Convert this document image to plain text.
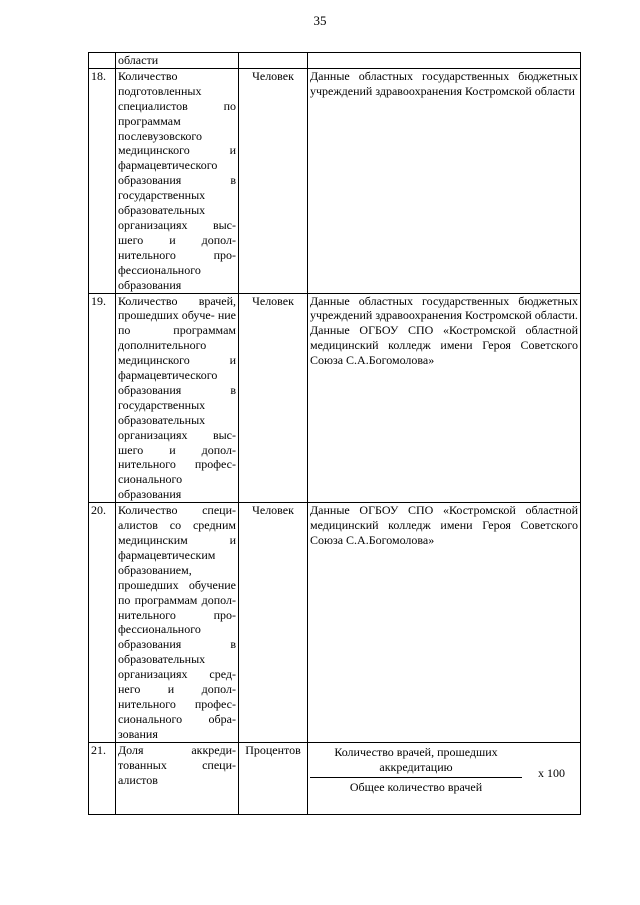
35
	области		
18.	Количество подготовленных специалистов по программам послевузовского медицинского и фармацевтического образования в государственных образовательных организациях выс- шего и допол- нительного про- фессионального образования	Человек	Данные областных государственных бюджетных учреждений здравоохранения Костромской области

19.	Количество врачей, прошедших обуче- ние по программам дополнительного медицинского и фармацевтического образования в государственных образовательных организациях выс- шего и допол- нительного профес- сионального образования	Человек	Данные областных государственных бюджетных учреждений здравоохранения Костромской области.
Данные ОГБОУ СПО «Костромской областной медицинский колледж имени Героя Советского Союза С.А.Богомолова»

20.	Количество специ- алистов со средним медицинским и фармацевтическим образованием, прошедших обучение по программам допол- нительного про- фессионального образования в образовательных организациях сред- него и допол- нительного профес- сионального обра- зования	Человек	Данные ОГБОУ СПО «Костромской областной медицинский колледж имени Героя Советского Союза С.А.Богомолова»

21.	Доля аккреди- тованных специ- алистов	Процентов	Количество врачей, прошедших аккредитацию
Общее количество врачей
x 100
